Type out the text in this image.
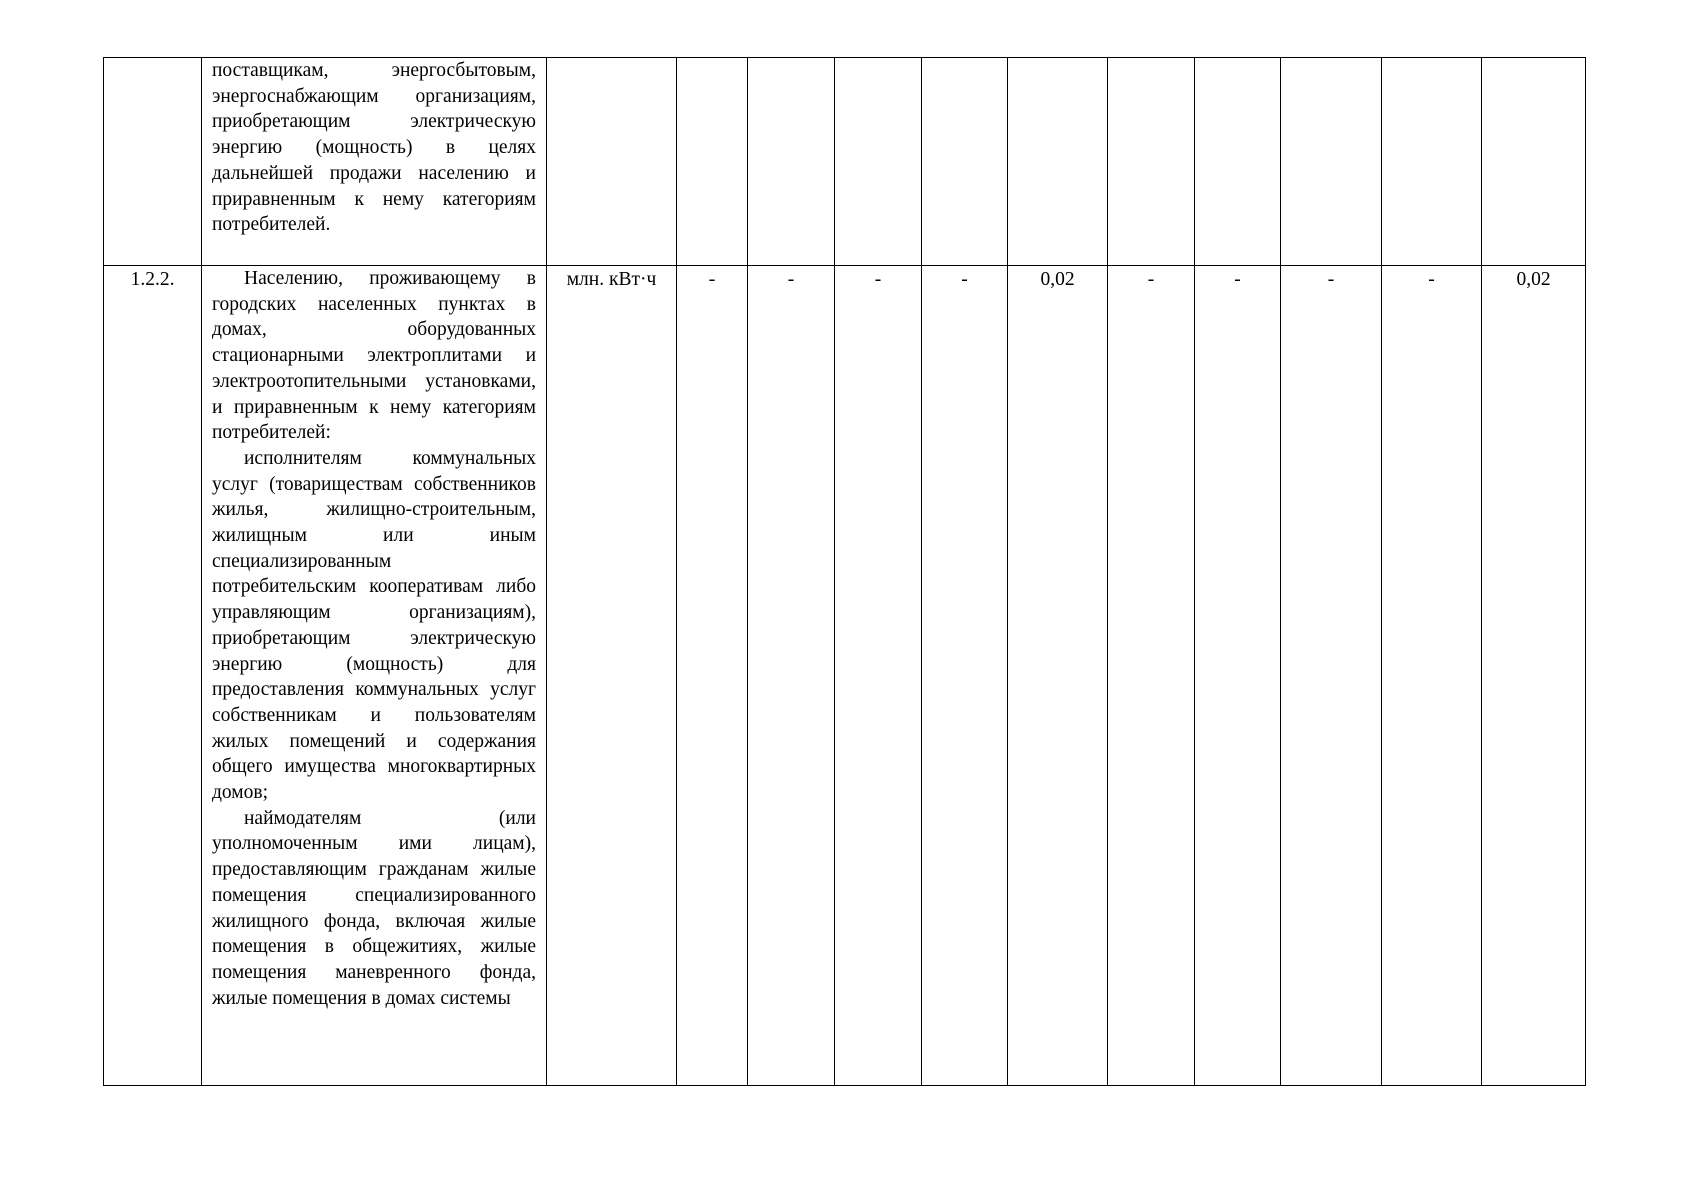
	поставщикам, энергосбытовым, энергоснабжающим организациям, приобретающим электрическую энергию (мощность) в целях дальнейшей продажи населению и приравненным к нему категориям потребителей.											

1.2.2.	Населению, проживающему в городских населенных пунктах в домах, оборудованных стационарными электроплитами и электроотопительными установками, и приравненным к нему категориям потребителей:

исполнителям коммунальных услуг (товариществам собственников жилья, жилищно-строительным, жилищным или иным специализированным потребительским кооперативам либо управляющим организациям), приобретающим электрическую энергию (мощность) для предоставления коммунальных услуг собственникам и пользователям жилых помещений и содержания общего имущества многоквартирных домов;

наймодателям (или уполномоченным ими лицам), предоставляющим гражданам жилые помещения специализированного жилищного фонда, включая жилые помещения в общежитиях, жилые помещения маневренного фонда, жилые помещения в домах системы	млн. кВт·ч	-	-	-	-	0,02	-	-	-	-	0,02
